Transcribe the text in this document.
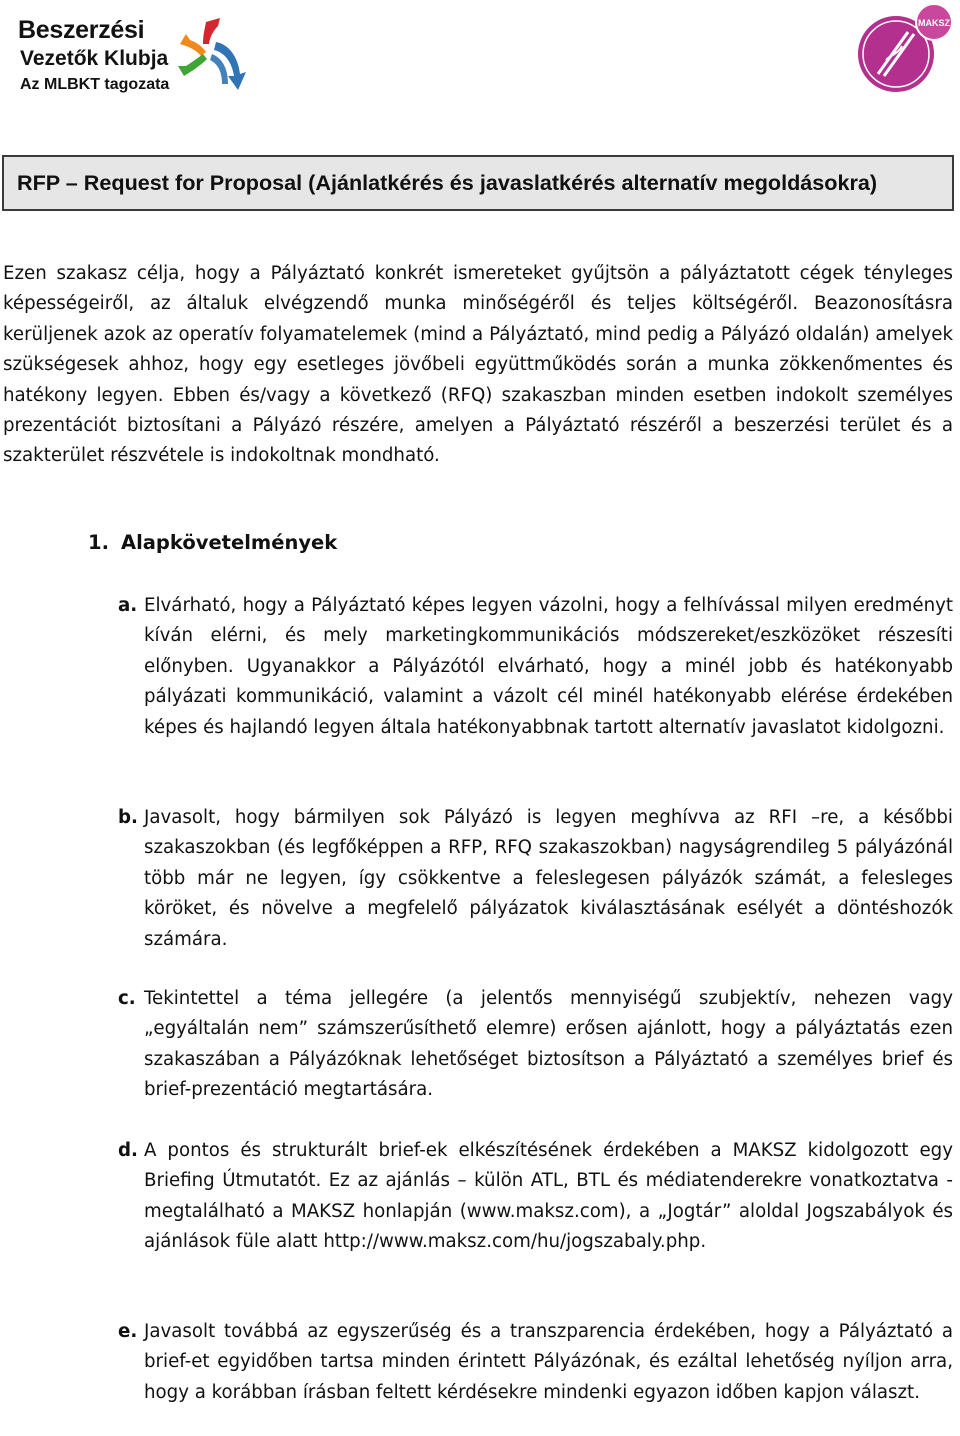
Beszerzési
Vezetők Klubja
Az MLBKT tagozata
MAKSZ
RFP – Request for Proposal (Ajánlatkérés és javaslatkérés alternatív megoldásokra)
Ezen szakasz célja, hogy a Pályáztató konkrét ismereteket gyűjtsön a pályáztatott cégek tényleges képességeiről, az általuk elvégzendő munka minőségéről és teljes költségéről. Beazonosításra kerüljenek azok az operatív folyamatelemek (mind a Pályáztató, mind pedig a Pályázó oldalán) amelyek szükségesek ahhoz, hogy egy esetleges jövőbeli együttműködés során a munka zökkenőmentes és hatékony legyen. Ebben és/vagy a következő (RFQ) szakaszban minden esetben indokolt személyes prezentációt biztosítani a Pályázó részére, amelyen a Pályáztató részéről a beszerzési terület és a szakterület részvétele is indokoltnak mondható.
1. Alapkövetelmények
a. Elvárható, hogy a Pályáztató képes legyen vázolni, hogy a felhívással milyen eredményt kíván elérni, és mely marketingkommunikációs módszereket/eszközöket részesíti előnyben. Ugyanakkor a Pályázótól elvárható, hogy a minél jobb és hatékonyabb pályázati kommunikáció, valamint a vázolt cél minél hatékonyabb elérése érdekében képes és hajlandó legyen általa hatékonyabbnak tartott alternatív javaslatot kidolgozni.
b. Javasolt, hogy bármilyen sok Pályázó is legyen meghívva az RFI –re, a későbbi szakaszokban (és legfőképpen a RFP, RFQ szakaszokban) nagyságrendileg 5 pályázónál több már ne legyen, így csökkentve a feleslegesen pályázók számát, a felesleges köröket, és növelve a megfelelő pályázatok kiválasztásának esélyét a döntéshozók számára.
c. Tekintettel a téma jellegére (a jelentős mennyiségű szubjektív, nehezen vagy „egyáltalán nem” számszerűsíthető elemre) erősen ajánlott, hogy a pályáztatás ezen szakaszában a Pályázóknak lehetőséget biztosítson a Pályáztató a személyes brief és brief-prezentáció megtartására.
d. A pontos és strukturált brief-ek elkészítésének érdekében a MAKSZ kidolgozott egy Briefing Útmutatót. Ez az ajánlás – külön ATL, BTL és médiatenderekre vonatkoztatva - megtalálható a MAKSZ honlapján (www.maksz.com), a „Jogtár” aloldal Jogszabályok és ajánlások füle alatt http://www.maksz.com/hu/jogszabaly.php.
e. Javasolt továbbá az egyszerűség és a transzparencia érdekében, hogy a Pályáztató a brief-et egyidőben tartsa minden érintett Pályázónak, és ezáltal lehetőség nyíljon arra, hogy a korábban írásban feltett kérdésekre mindenki egyazon időben kapjon választ.
